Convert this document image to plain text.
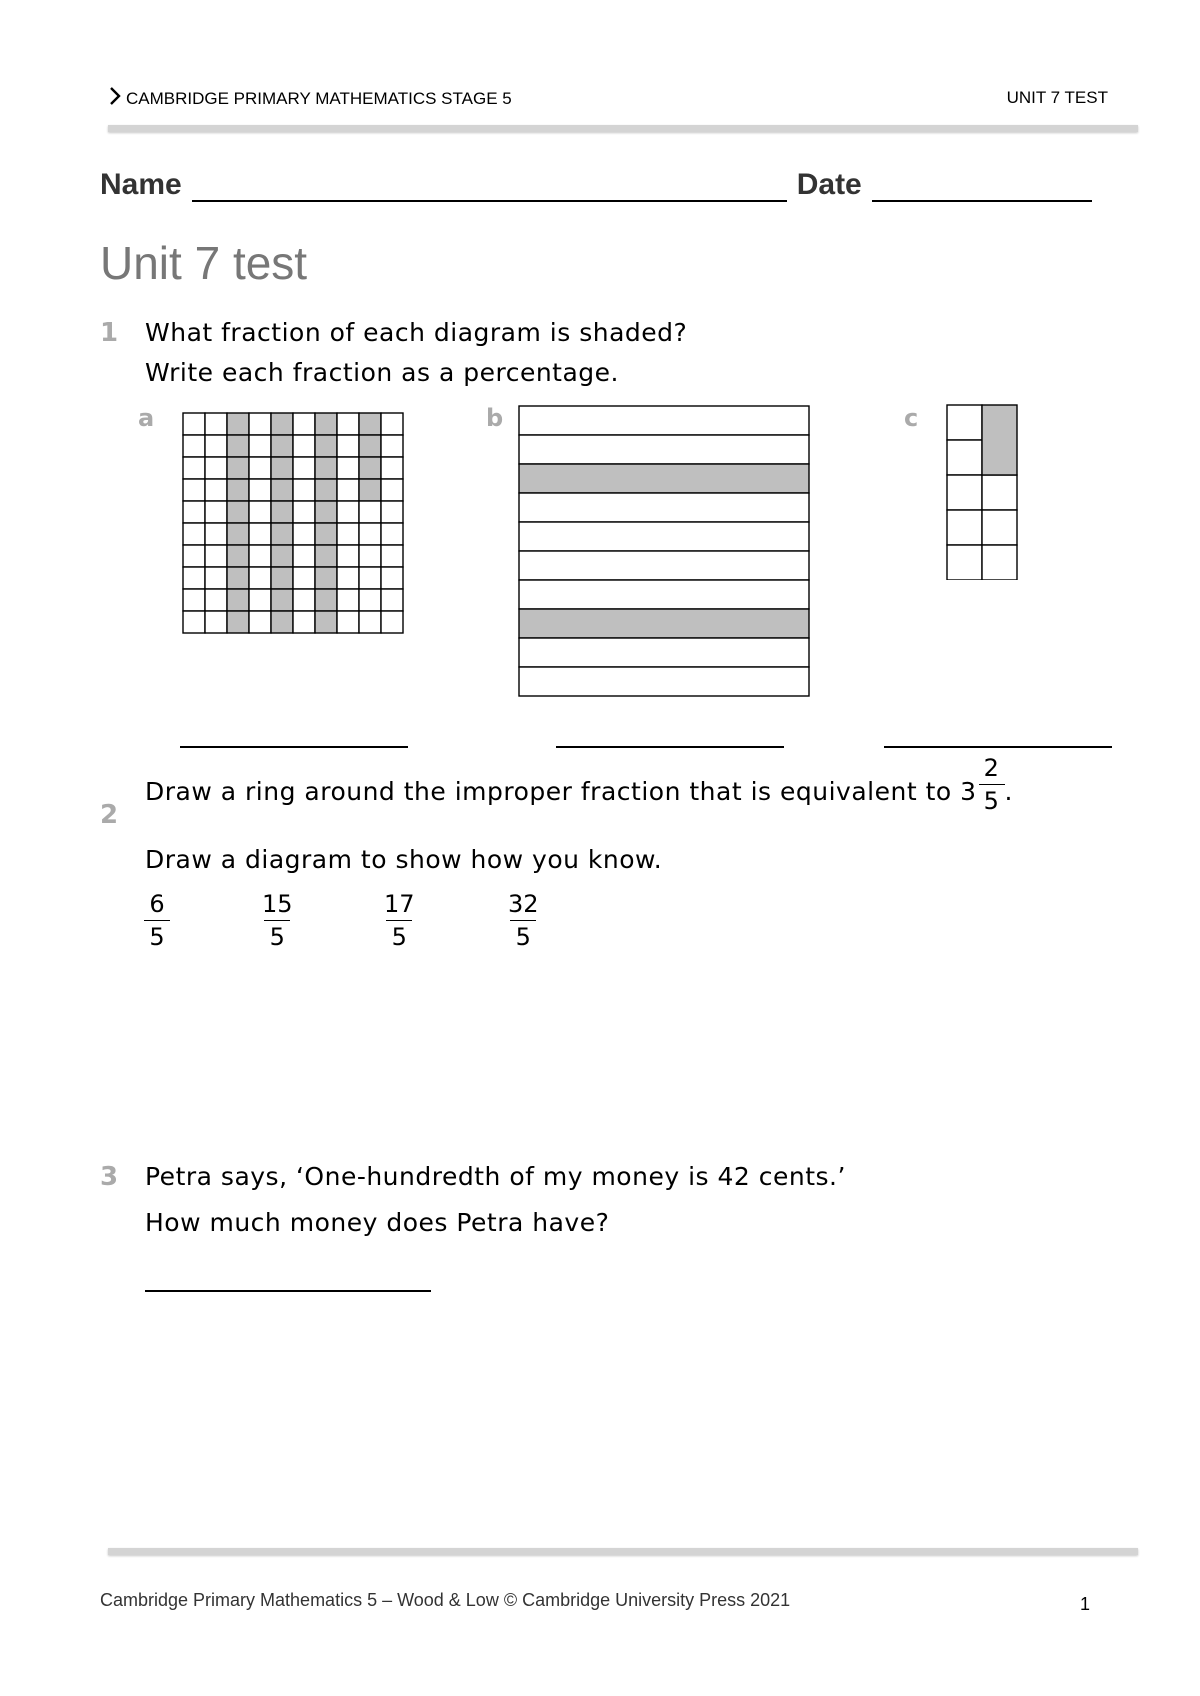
CAMBRIDGE PRIMARY MATHEMATICS STAGE 5	UNIT 7 TEST
Name	Date
Unit 7 test
1 What fraction of each diagram is shaded?
Write each fraction as a percentage.
a	b	c
2
Draw a ring around the improper fraction that is equivalent to $3 \frac{2}{5}$ .
Draw a diagram to show how you know.
6
5
15
5
17
5
32
5
3 Petra says, ‘One-hundredth of my money is 42 cents.’
How much money does Petra have?
Cambridge Primary Mathematics 5 – Wood & Low © Cambridge University Press 2021	1
